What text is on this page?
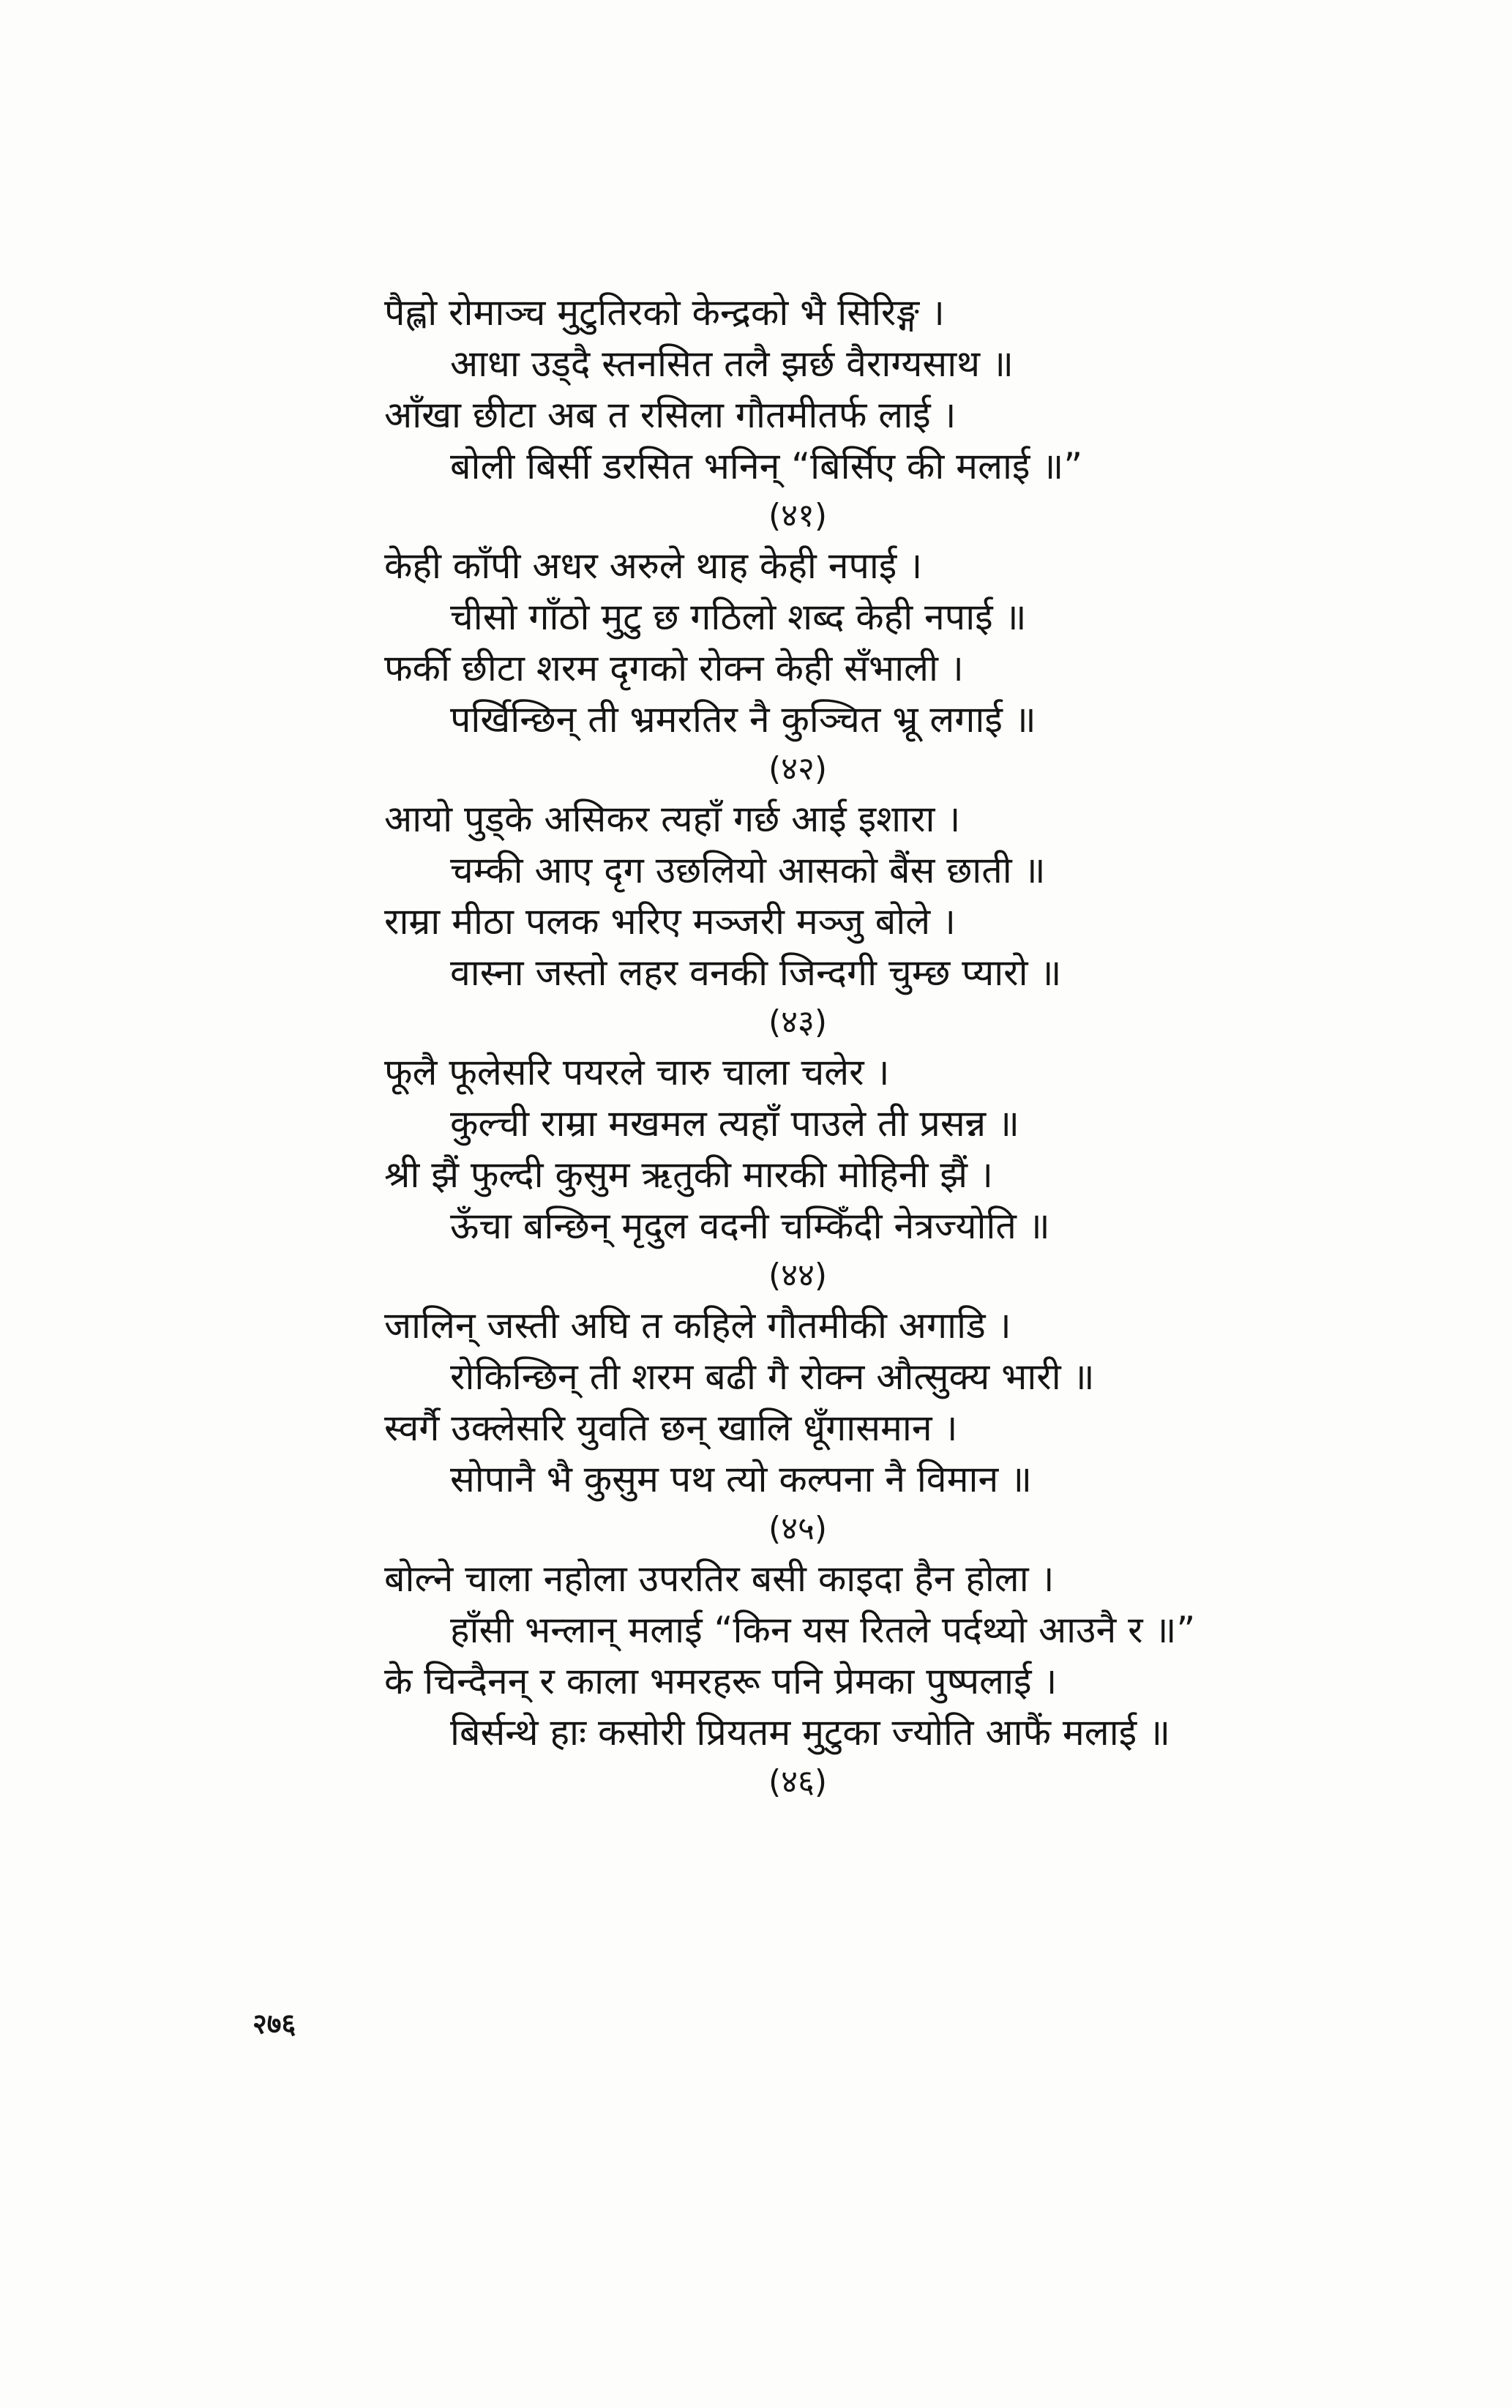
पैह्लो रोमाञ्च मुटुतिरको केन्द्रको भै सिरिङ्ग ।
आधा उड्दै स्तनसित तलै झर्छ वैराग्यसाथ ॥
आँखा छीटा अब त रसिला गौतमीतर्फ लाई ।
बोली बिर्सी डरसित भनिन् “बिर्सिए की मलाई ॥”
(४१)
केही काँपी अधर अरुले थाह केही नपाई ।
चीसो गाँठो मुटु छ गठिलो शब्द केही नपाई ॥
फर्की छीटा शरम दृगको रोक्न केही सँभाली ।
पर्खिन्छिन् ती भ्रमरतिर नै कुञ्चित भ्रू लगाई ॥
(४२)
आयो पुड्के असिकर त्यहाँ गर्छ आई इशारा ।
चम्की आए दृग उछलियो आसको बैंस छाती ॥
राम्रा मीठा पलक भरिए मञ्जरी मञ्जु बोले ।
वास्ना जस्तो लहर वनकी जिन्दगी चुम्छ प्यारो ॥
(४३)
फूलै फूलेसरि पयरले चारु चाला चलेर ।
कुल्ची राम्रा मखमल त्यहाँ पाउले ती प्रसन्न ॥
श्री झैं फुल्दी कुसुम ऋतुकी मारकी मोहिनी झैं ।
ऊँचा बन्छिन् मृदुल वदनी चम्किँदी नेत्रज्योति ॥
(४४)
जालिन् जस्ती अघि त कहिले गौतमीकी अगाडि ।
रोकिन्छिन् ती शरम बढी गै रोक्न औत्सुक्य भारी ॥
स्वर्गै उक्लेसरि युवति छन् खालि धूँगासमान ।
सोपानै भै कुसुम पथ त्यो कल्पना नै विमान ॥
(४५)
बोल्ने चाला नहोला उपरतिर बसी काइदा हैन होला ।
हाँसी भन्लान् मलाई “किन यस रितले पर्दथ्यो आउनै र ॥”
के चिन्दैनन् र काला भमरहरू पनि प्रेमका पुष्पलाई ।
बिर्सन्थे हाः कसोरी प्रियतम मुटुका ज्योति आफैं मलाई ॥
(४६)
२७६
